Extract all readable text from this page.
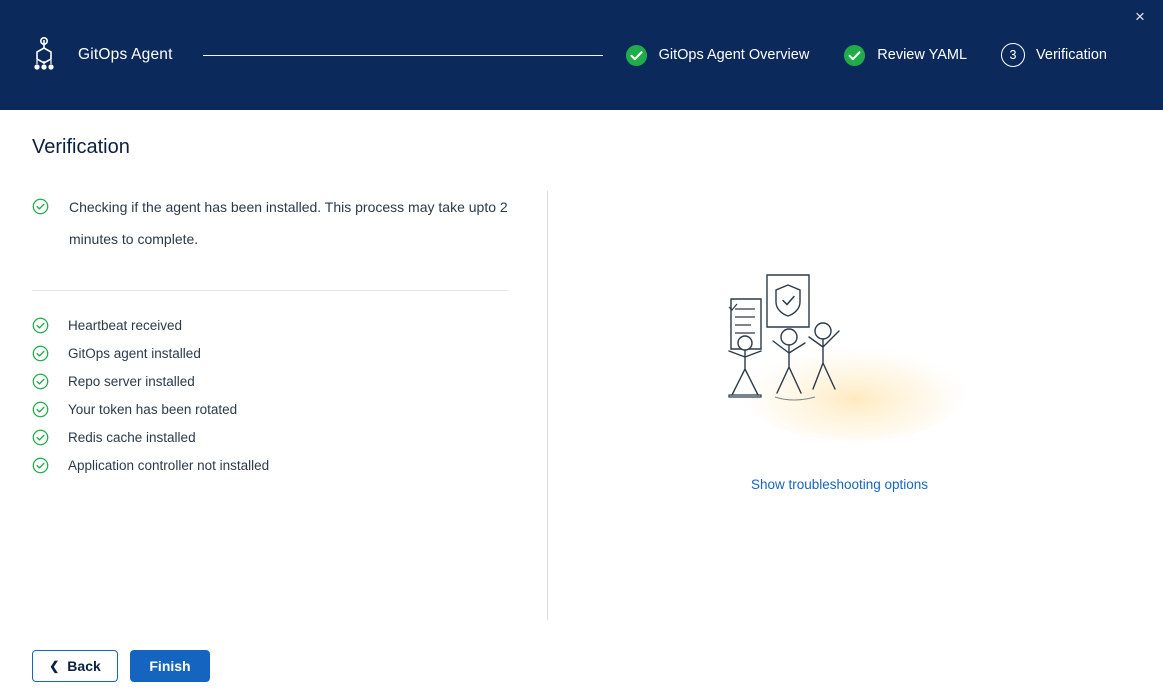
×
GitOps Agent	GitOps Agent Overview	Review YAML	3	Verification
Verification
Checking if the agent has been installed. This process may take upto 2 minutes to complete.
Heartbeat received
GitOps agent installed
Repo server installed
Your token has been rotated
Redis cache installed
Application controller not installed
Show troubleshooting options
❮ Back	Finish
